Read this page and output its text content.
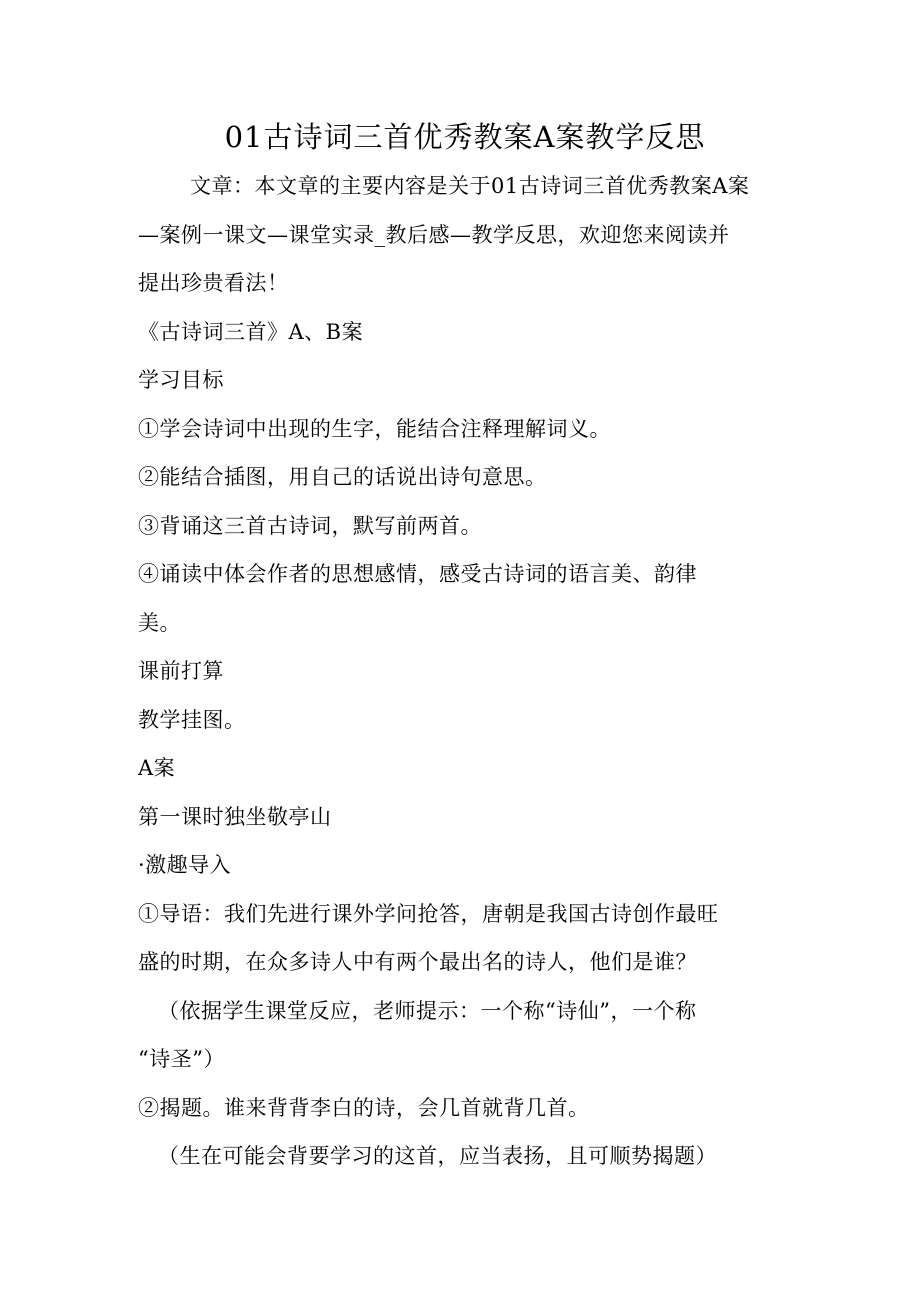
01古诗词三首优秀教案A案教学反思

文章：本文章的主要内容是关于01古诗词三首优秀教案A案

—案例一课文—课堂实录_教后感—教学反思，欢迎您来阅读并

提出珍贵看法！

《古诗词三首》A、B案

学习目标

①学会诗词中出现的生字，能结合注释理解词义。

②能结合插图，用自己的话说出诗句意思。

③背诵这三首古诗词，默写前两首。

④诵读中体会作者的思想感情，感受古诗词的语言美、韵律

美。

课前打算

教学挂图。

A案

第一课时独坐敬亭山

·激趣导入

①导语：我们先进行课外学问抢答，唐朝是我国古诗创作最旺

盛的时期，在众多诗人中有两个最出名的诗人，他们是谁？

（依据学生课堂反应，老师提示：一个称“诗仙”，一个称

“诗圣”）

②揭题。谁来背背李白的诗，会几首就背几首。

（生在可能会背要学习的这首，应当表扬，且可顺势揭题）
